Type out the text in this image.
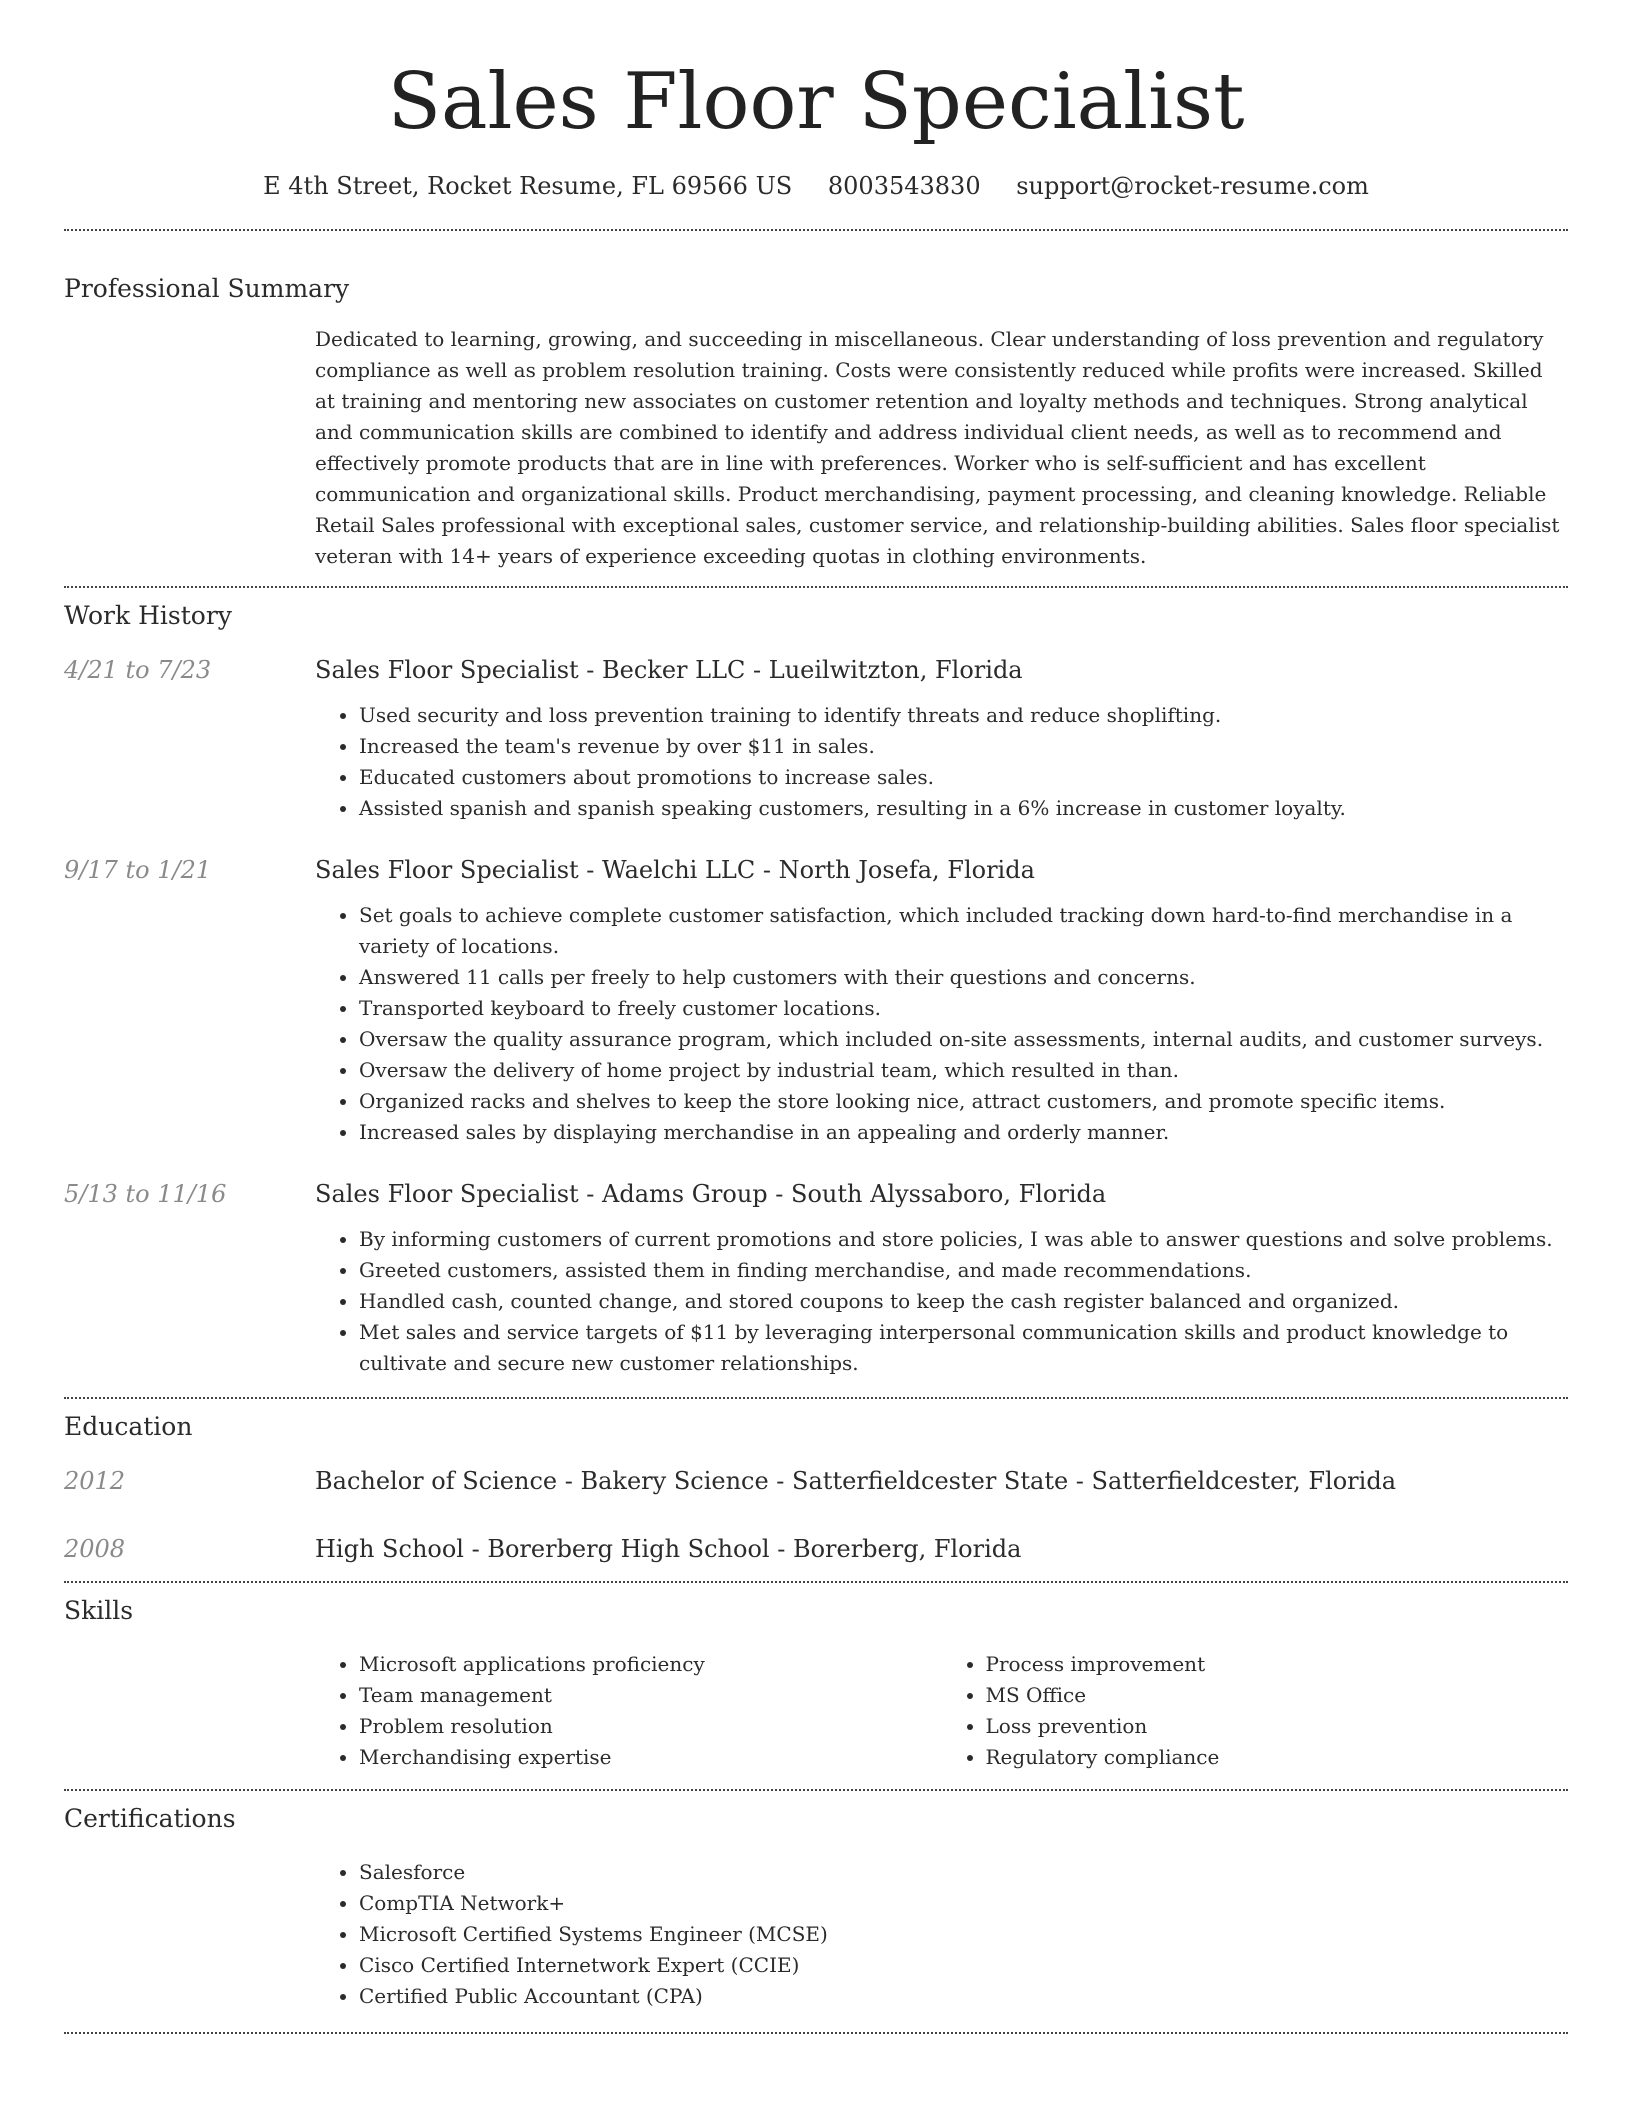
Sales Floor Specialist
E 4th Street, Rocket Resume, FL 69566 US 8003543830 support@rocket-resume.com
Professional Summary

Dedicated to learning, growing, and succeeding in miscellaneous. Clear understanding of loss prevention and regulatory compliance as well as problem resolution training. Costs were consistently reduced while profits were increased. Skilled at training and mentoring new associates on customer retention and loyalty methods and techniques. Strong analytical and communication skills are combined to identify and address individual client needs, as well as to recommend and effectively promote products that are in line with preferences. Worker who is self-sufficient and has excellent communication and organizational skills. Product merchandising, payment processing, and cleaning knowledge. Reliable Retail Sales professional with exceptional sales, customer service, and relationship-building abilities. Sales floor specialist veteran with 14+ years of experience exceeding quotas in clothing environments.

Work History
4/21 to 7/23	Sales Floor Specialist - Becker LLC - Lueilwitzton, Florida
• Used security and loss prevention training to identify threats and reduce shoplifting.
• Increased the team's revenue by over $11 in sales.
• Educated customers about promotions to increase sales.
• Assisted spanish and spanish speaking customers, resulting in a 6% increase in customer loyalty.
9/17 to 1/21	Sales Floor Specialist - Waelchi LLC - North Josefa, Florida
• Set goals to achieve complete customer satisfaction, which included tracking down hard-to-find merchandise in a variety of locations.
• Answered 11 calls per freely to help customers with their questions and concerns.
• Transported keyboard to freely customer locations.
• Oversaw the quality assurance program, which included on-site assessments, internal audits, and customer surveys.
• Oversaw the delivery of home project by industrial team, which resulted in than.
• Organized racks and shelves to keep the store looking nice, attract customers, and promote specific items.
• Increased sales by displaying merchandise in an appealing and orderly manner.
5/13 to 11/16	Sales Floor Specialist - Adams Group - South Alyssaboro, Florida
• By informing customers of current promotions and store policies, I was able to answer questions and solve problems.
• Greeted customers, assisted them in finding merchandise, and made recommendations.
• Handled cash, counted change, and stored coupons to keep the cash register balanced and organized.
• Met sales and service targets of $11 by leveraging interpersonal communication skills and product knowledge to cultivate and secure new customer relationships.
Education
2012	Bachelor of Science - Bakery Science - Satterfieldcester State - Satterfieldcester, Florida
2008	High School - Borerberg High School - Borerberg, Florida
Skills
• Microsoft applications proficiency
• Team management
• Problem resolution
• Merchandising expertise
• Process improvement
• MS Office
• Loss prevention
• Regulatory compliance
Certifications
• Salesforce
• CompTIA Network+
• Microsoft Certified Systems Engineer (MCSE)
• Cisco Certified Internetwork Expert (CCIE)
• Certified Public Accountant (CPA)
